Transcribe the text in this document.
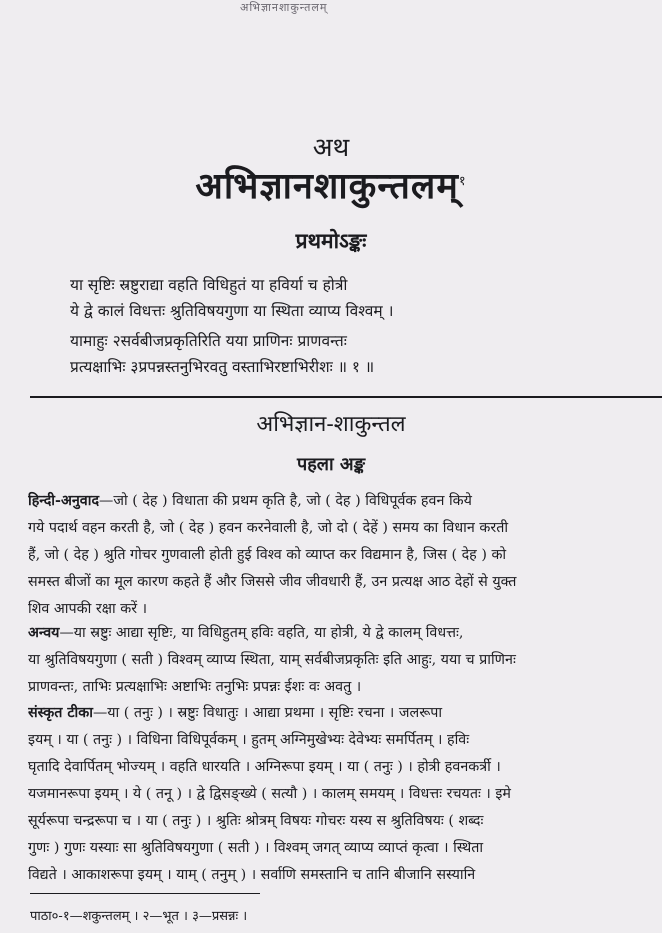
अभिज्ञानशाकुन्तलम्
अथ
अभिज्ञानशाकुन्तलम्$^१$
प्रथमोऽङ्कः
या सृष्टिः स्रष्टुराद्या वहति विधिहुतं या हविर्या च होत्री
ये द्वे कालं विधत्तः श्रुतिविषयगुणा या स्थिता व्याप्य विश्वम् ।
यामाहुः २सर्वबीजप्रकृतिरिति यया प्राणिनः प्राणवन्तः
प्रत्यक्षाभिः ३प्रपन्नस्तनुभिरवतु वस्ताभिरष्टाभिरीशः ॥ १ ॥
अभिज्ञान-शाकुन्तल
पहला अङ्क
हिन्दी-अनुवाद—जो ( देह ) विधाता की प्रथम कृति है, जो ( देह ) विधिपूर्वक हवन किये
गये पदार्थ वहन करती है, जो ( देह ) हवन करनेवाली है, जो दो ( देहें ) समय का विधान करती
हैं, जो ( देह ) श्रुति गोचर गुणवाली होती हुई विश्व को व्याप्त कर विद्यमान है, जिस ( देह ) को
समस्त बीजों का मूल कारण कहते हैं और जिससे जीव जीवधारी हैं, उन प्रत्यक्ष आठ देहों से युक्त
शिव आपकी रक्षा करें ।
अन्वय—या स्रष्टुः आद्या सृष्टिः, या विधिहुतम् हविः वहति, या होत्री, ये द्वे कालम् विधत्तः,
या श्रुतिविषयगुणा ( सती ) विश्वम् व्याप्य स्थिता, याम् सर्वबीजप्रकृतिः इति आहुः, यया च प्राणिनः
प्राणवन्तः, ताभिः प्रत्यक्षाभिः अष्टाभिः तनुभिः प्रपन्नः ईशः वः अवतु ।
संस्कृत टीका—या ( तनुः ) । स्रष्टुः विधातुः । आद्या प्रथमा । सृष्टिः रचना । जलरूपा
इयम् । या ( तनुः ) । विधिना विधिपूर्वकम् । हुतम् अग्निमुखेभ्यः देवेभ्यः समर्पितम् । हविः
घृतादि देवार्पितम् भोज्यम् । वहति धारयति । अग्निरूपा इयम् । या ( तनुः ) । होत्री हवनकर्त्री ।
यजमानरूपा इयम् । ये ( तनू ) । द्वे द्विसङ्ख्ये ( सत्यौ ) । कालम् समयम् । विधत्तः रचयतः । इमे
सूर्यरूपा चन्द्ररूपा च । या ( तनुः ) । श्रुतिः श्रोत्रम् विषयः गोचरः यस्य स श्रुतिविषयः ( शब्दः
गुणः ) गुणः यस्याः सा श्रुतिविषयगुणा ( सती ) । विश्वम् जगत् व्याप्य व्याप्तं कृत्वा । स्थिता
विद्यते । आकाशरूपा इयम् । याम् ( तनुम् ) । सर्वाणि समस्तानि च तानि बीजानि सस्यानि
पाठा०-१—शकुन्तलम् । २—भूत । ३—प्रसन्नः ।
